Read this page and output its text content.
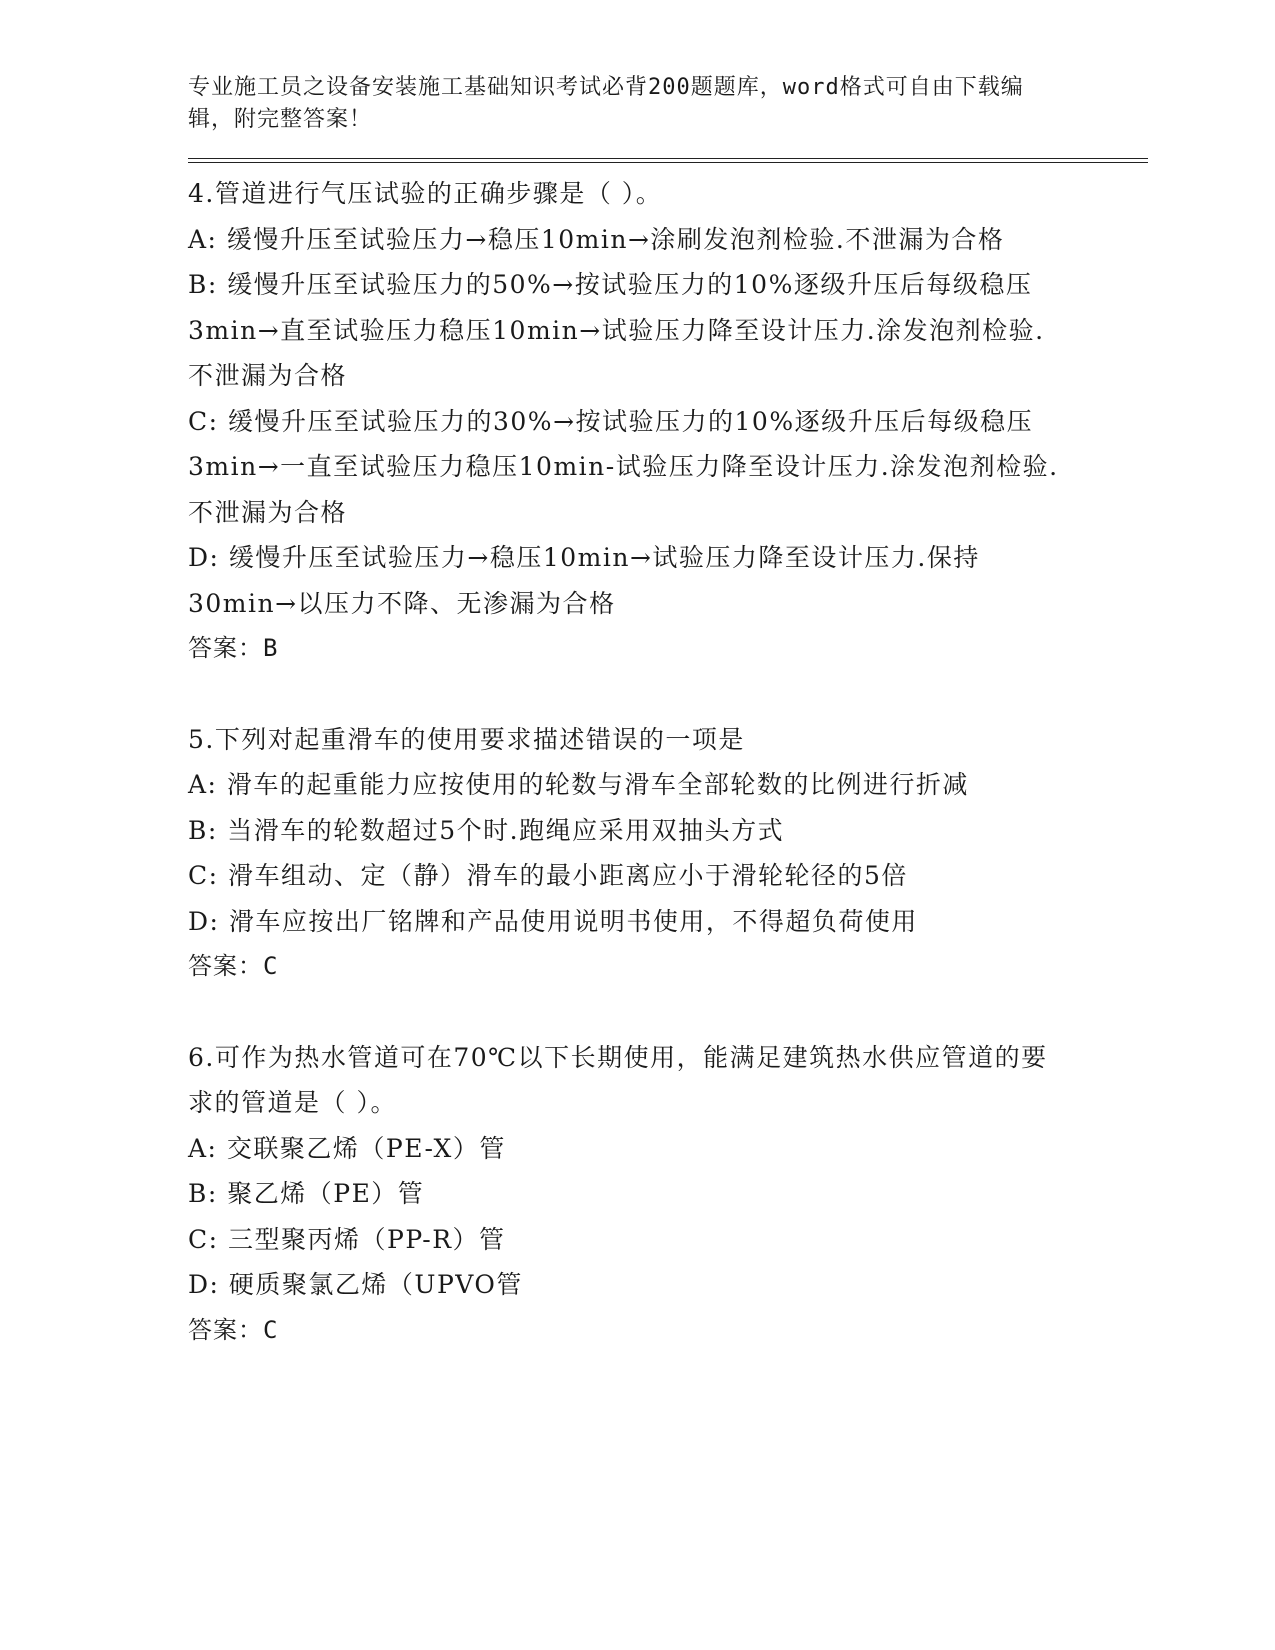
专业施工员之设备安装施工基础知识考试必背200题题库，word格式可自由下载编辑，附完整答案！
4.管道进行气压试验的正确步骤是（ ）。
A: 缓慢升压至试验压力→稳压10min→涂刷发泡剂检验.不泄漏为合格
B: 缓慢升压至试验压力的50%→按试验压力的10%逐级升压后每级稳压3min→直至试验压力稳压10min→试验压力降至设计压力.涂发泡剂检验.不泄漏为合格
C: 缓慢升压至试验压力的30%→按试验压力的10%逐级升压后每级稳压3min→一直至试验压力稳压10min-试验压力降至设计压力.涂发泡剂检验.不泄漏为合格
D: 缓慢升压至试验压力→稳压10min→试验压力降至设计压力.保持30min→以压力不降、无渗漏为合格
答案：B
5.下列对起重滑车的使用要求描述错误的一项是
A: 滑车的起重能力应按使用的轮数与滑车全部轮数的比例进行折减
B: 当滑车的轮数超过5个时.跑绳应采用双抽头方式
C: 滑车组动、定（静）滑车的最小距离应小于滑轮轮径的5倍
D: 滑车应按出厂铭牌和产品使用说明书使用，不得超负荷使用
答案：C
6.可作为热水管道可在70℃以下长期使用，能满足建筑热水供应管道的要求的管道是（ ）。
A: 交联聚乙烯（PE-X）管
B: 聚乙烯（PE）管
C: 三型聚丙烯（PP-R）管
D: 硬质聚氯乙烯（UPVO管
答案：C
